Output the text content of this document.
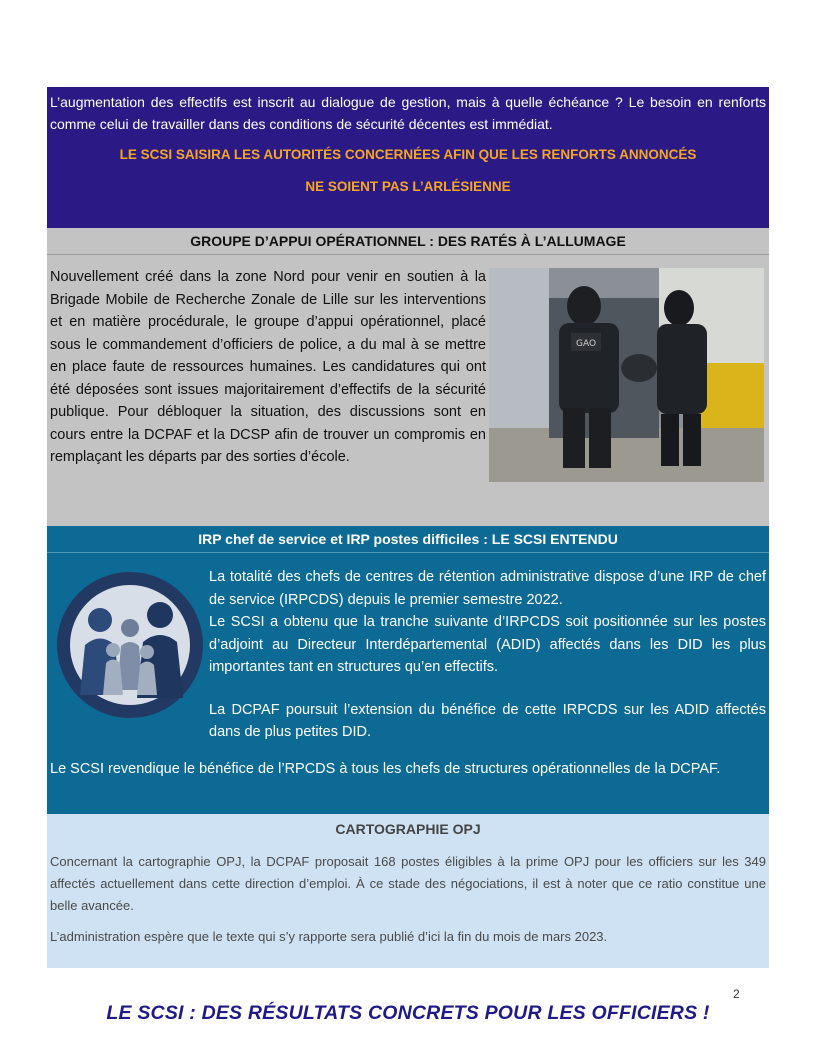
L’augmentation des effectifs est inscrit au dialogue de gestion, mais à quelle échéance ? Le besoin en renforts comme celui de travailler dans des conditions de sécurité décentes est immédiat.

LE SCSI SAISIRA LES AUTORITÉS CONCERNÉES AFIN QUE LES RENFORTS ANNONCÉS
NE SOIENT PAS L’ARLÉSIENNE
GROUPE D’APPUI OPÉRATIONNEL : DES RATÉS À L’ALLUMAGE

Nouvellement créé dans la zone Nord pour venir en soutien à la Brigade Mobile de Recherche Zonale de Lille sur les interventions et en matière procédurale, le groupe d’appui opérationnel, placé sous le commandement d’officiers de police, a du mal à se mettre en place faute de ressources humaines. Les candidatures qui ont été déposées sont issues majoritairement d’effectifs de la sécurité publique. Pour débloquer la situation, des discussions sont en cours entre la DCPAF et la DCSP afin de trouver un compromis en remplaçant les départs par des sorties d’école.

GAO
IRP chef de service et IRP postes difficiles : LE SCSI ENTENDU

La totalité des chefs de centres de rétention administrative dispose d’une IRP de chef de service (IRPCDS) depuis le premier semestre 2022.

Le SCSI a obtenu que la tranche suivante d’IRPCDS soit positionnée sur les postes d’adjoint au Directeur Interdépartemental (ADID) affectés dans les DID les plus importantes tant en structures qu’en effectifs.

La DCPAF poursuit l’extension du bénéfice de cette IRPCDS sur les ADID affectés dans de plus petites DID.

Le SCSI revendique le bénéfice de l’RPCDS à tous les chefs de structures opérationnelles de la DCPAF.

CARTOGRAPHIE OPJ

Concernant la cartographie OPJ, la DCPAF proposait 168 postes éligibles à la prime OPJ pour les officiers sur les 349 affectés actuellement dans cette direction d’emploi. À ce stade des négociations, il est à noter que ce ratio constitue une belle avancée.

L’administration espère que le texte qui s’y rapporte sera publié d’ici la fin du mois de mars 2023.

2
LE SCSI : DES RÉSULTATS CONCRETS POUR LES OFFICIERS !
